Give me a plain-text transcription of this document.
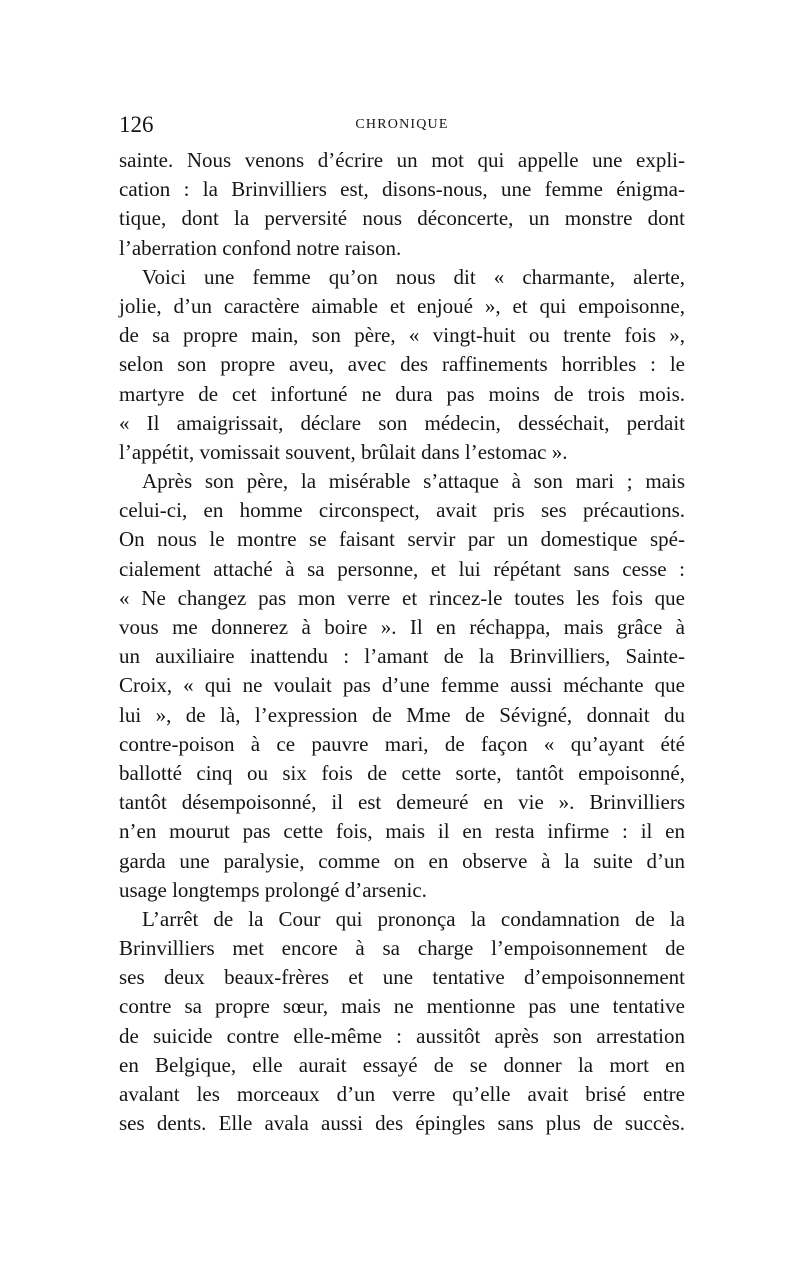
126	CHRONIQUE

sainte. Nous venons d’écrire un mot qui appelle une expli-
cation : la Brinvilliers est, disons-nous, une femme énigma-
tique, dont la perversité nous déconcerte, un monstre dont
l’aberration confond notre raison.

Voici une femme qu’on nous dit « charmante, alerte,
jolie, d’un caractère aimable et enjoué », et qui empoisonne,
de sa propre main, son père, « vingt-huit ou trente fois »,
selon son propre aveu, avec des raffinements horribles : le
martyre de cet infortuné ne dura pas moins de trois mois.
« Il amaigrissait, déclare son médecin, desséchait, perdait
l’appétit, vomissait souvent, brûlait dans l’estomac ».

Après son père, la misérable s’attaque à son mari ; mais
celui-ci, en homme circonspect, avait pris ses précautions.
On nous le montre se faisant servir par un domestique spé-
cialement attaché à sa personne, et lui répétant sans cesse :
« Ne changez pas mon verre et rincez-le toutes les fois que
vous me donnerez à boire ». Il en réchappa, mais grâce à
un auxiliaire inattendu : l’amant de la Brinvilliers, Sainte-
Croix, « qui ne voulait pas d’une femme aussi méchante que
lui », de là, l’expression de Mme de Sévigné, donnait du
contre-poison à ce pauvre mari, de façon « qu’ayant été
ballotté cinq ou six fois de cette sorte, tantôt empoisonné,
tantôt désempoisonné, il est demeuré en vie ». Brinvilliers
n’en mourut pas cette fois, mais il en resta infirme : il en
garda une paralysie, comme on en observe à la suite d’un
usage longtemps prolongé d’arsenic.

L’arrêt de la Cour qui prononça la condamnation de la
Brinvilliers met encore à sa charge l’empoisonnement de
ses deux beaux-frères et une tentative d’empoisonnement
contre sa propre sœur, mais ne mentionne pas une tentative
de suicide contre elle-même : aussitôt après son arrestation
en Belgique, elle aurait essayé de se donner la mort en
avalant les morceaux d’un verre qu’elle avait brisé entre
ses dents. Elle avala aussi des épingles sans plus de succès.
